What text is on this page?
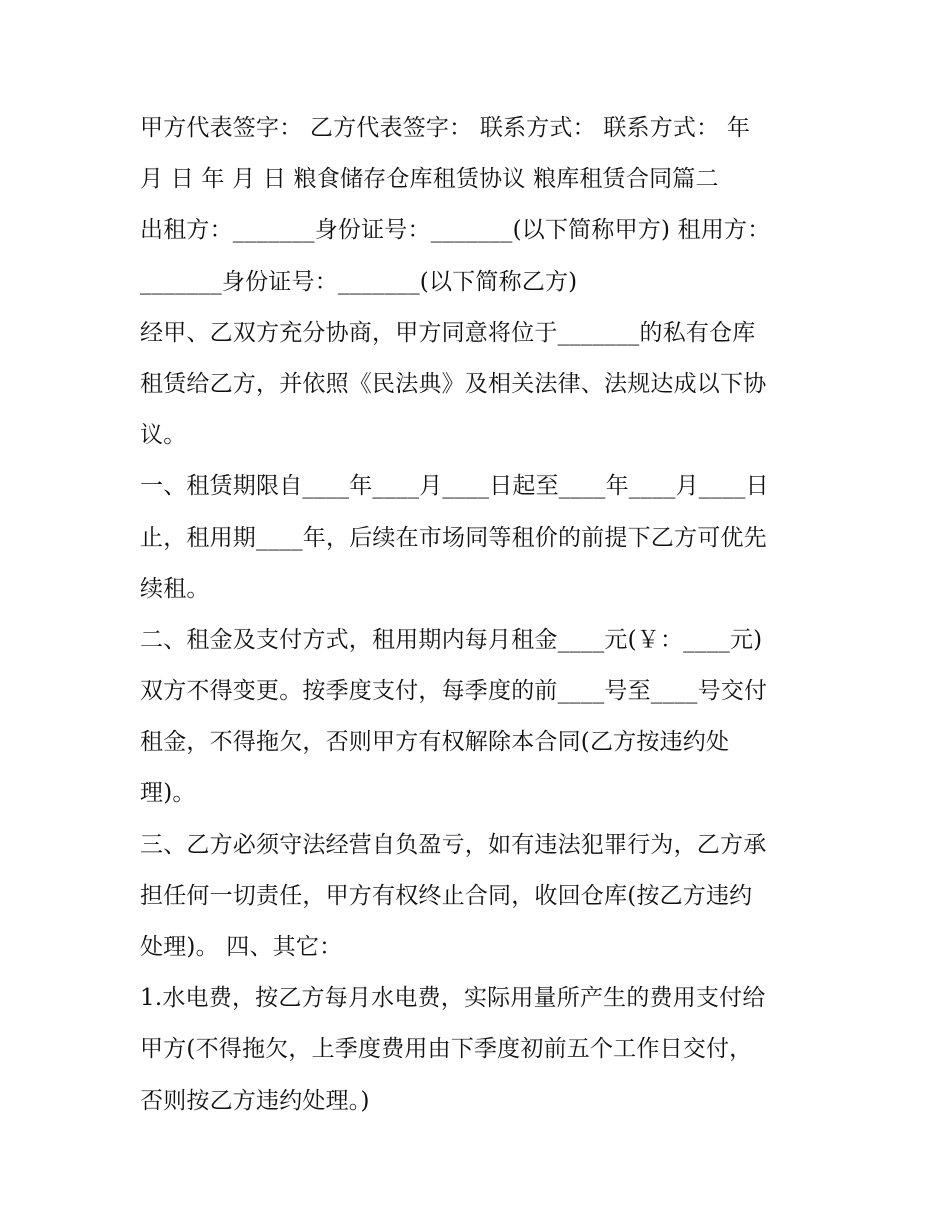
甲方代表签字： 乙方代表签字： 联系方式： 联系方式： 年
月 日 年 月 日 粮食储存仓库租赁协议 粮库租赁合同篇二
出租方：_______身份证号：_______(以下简称甲方) 租用方：
_______身份证号：_______(以下简称乙方)
经甲、乙双方充分协商，甲方同意将位于_______的私有仓库
租赁给乙方，并依照《民法典》及相关法律、法规达成以下协
议。
一、租赁期限自____年____月____日起至____年____月____日
止，租用期____年，后续在市场同等租价的前提下乙方可优先
续租。
二、租金及支付方式，租用期内每月租金____元(￥：____元)
双方不得变更。按季度支付，每季度的前____号至____号交付
租金，不得拖欠，否则甲方有权解除本合同(乙方按违约处
理)。
三、乙方必须守法经营自负盈亏，如有违法犯罪行为，乙方承
担任何一切责任，甲方有权终止合同，收回仓库(按乙方违约
处理)。 四、其它：
1.水电费，按乙方每月水电费，实际用量所产生的费用支付给
甲方(不得拖欠，上季度费用由下季度初前五个工作日交付，
否则按乙方违约处理。)
